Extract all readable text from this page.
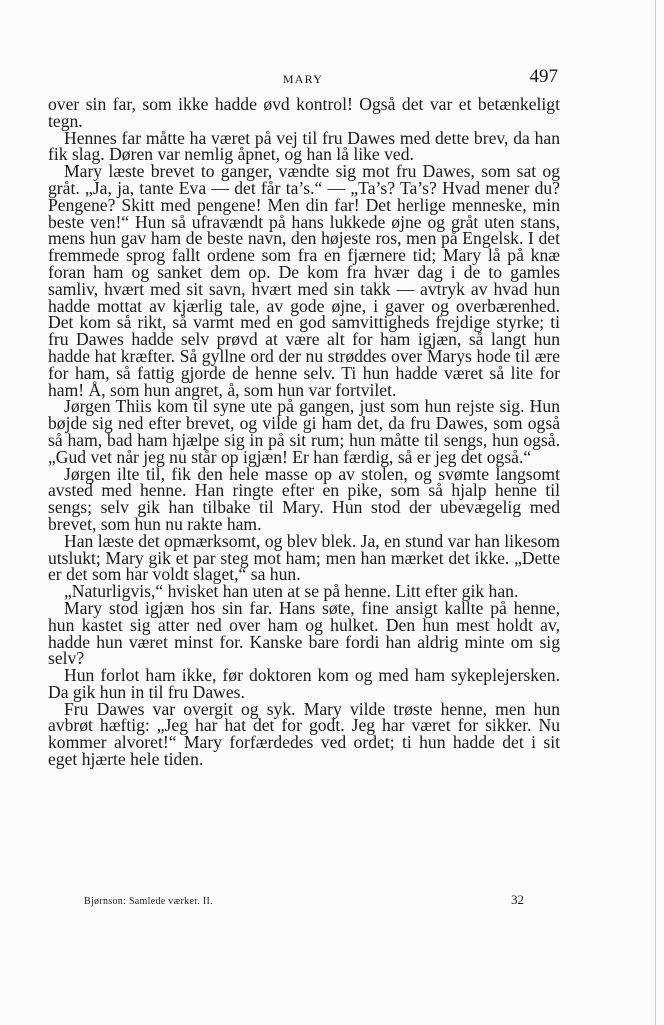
MARY	497

over sin far, som ikke hadde øvd kontrol! Også det var et betænkeligt tegn.

Hennes far måtte ha været på vej til fru Dawes med dette brev, da han fik slag. Døren var nemlig åpnet, og han lå like ved.

Mary læste brevet to ganger, vændte sig mot fru Dawes, som sat og gråt. „Ja, ja, tante Eva — det får ta’s.“ — „Ta’s? Ta’s? Hvad mener du? Pengene? Skitt med pengene! Men din far! Det herlige menneske, min beste ven!“ Hun så ufravændt på hans lukkede øjne og gråt uten stans, mens hun gav ham de beste navn, den højeste ros, men på Engelsk. I det fremmede sprog fallt ordene som fra en fjærnere tid; Mary lå på knæ foran ham og sanket dem op. De kom fra hvær dag i de to gamles samliv, hvært med sit savn, hvært med sin takk — avtryk av hvad hun hadde mottat av kjærlig tale, av gode øjne, i gaver og overbærenhed. Det kom så rikt, så varmt med en god samvittigheds frejdige styrke; ti fru Dawes hadde selv prøvd at være alt for ham igjæn, så langt hun hadde hat kræfter. Så gyllne ord der nu strøddes over Marys hode til ære for ham, så fattig gjorde de henne selv. Ti hun hadde været så lite for ham! Å, som hun angret, å, som hun var fortvilet.

Jørgen Thiis kom til syne ute på gangen, just som hun rejste sig. Hun bøjde sig ned efter brevet, og vilde gi ham det, da fru Dawes, som også så ham, bad ham hjælpe sig in på sit rum; hun måtte til sengs, hun også. „Gud vet når jeg nu står op igjæn! Er han færdig, så er jeg det også.“

Jørgen ilte til, fik den hele masse op av stolen, og svømte langsomt avsted med henne. Han ringte efter en pike, som så hjalp henne til sengs; selv gik han tilbake til Mary. Hun stod der ubevægelig med brevet, som hun nu rakte ham.

Han læste det opmærksomt, og blev blek. Ja, en stund var han likesom utslukt; Mary gik et par steg mot ham; men han mærket det ikke. „Dette er det som har voldt slaget,“ sa hun.

„Naturligvis,“ hvisket han uten at se på henne. Litt efter gik han.

Mary stod igjæn hos sin far. Hans søte, fine ansigt kallte på henne, hun kastet sig atter ned over ham og hulket. Den hun mest holdt av, hadde hun været minst for. Kanske bare fordi han aldrig minte om sig selv?

Hun forlot ham ikke, før doktoren kom og med ham sykeplejersken. Da gik hun in til fru Dawes.

Fru Dawes var overgit og syk. Mary vilde trøste henne, men hun avbrøt hæftig: „Jeg har hat det for godt. Jeg har været for sikker. Nu kommer alvoret!“ Mary forfærdedes ved ordet; ti hun hadde det i sit eget hjærte hele tiden.

Bjørnson: Samlede værker. II.	32
